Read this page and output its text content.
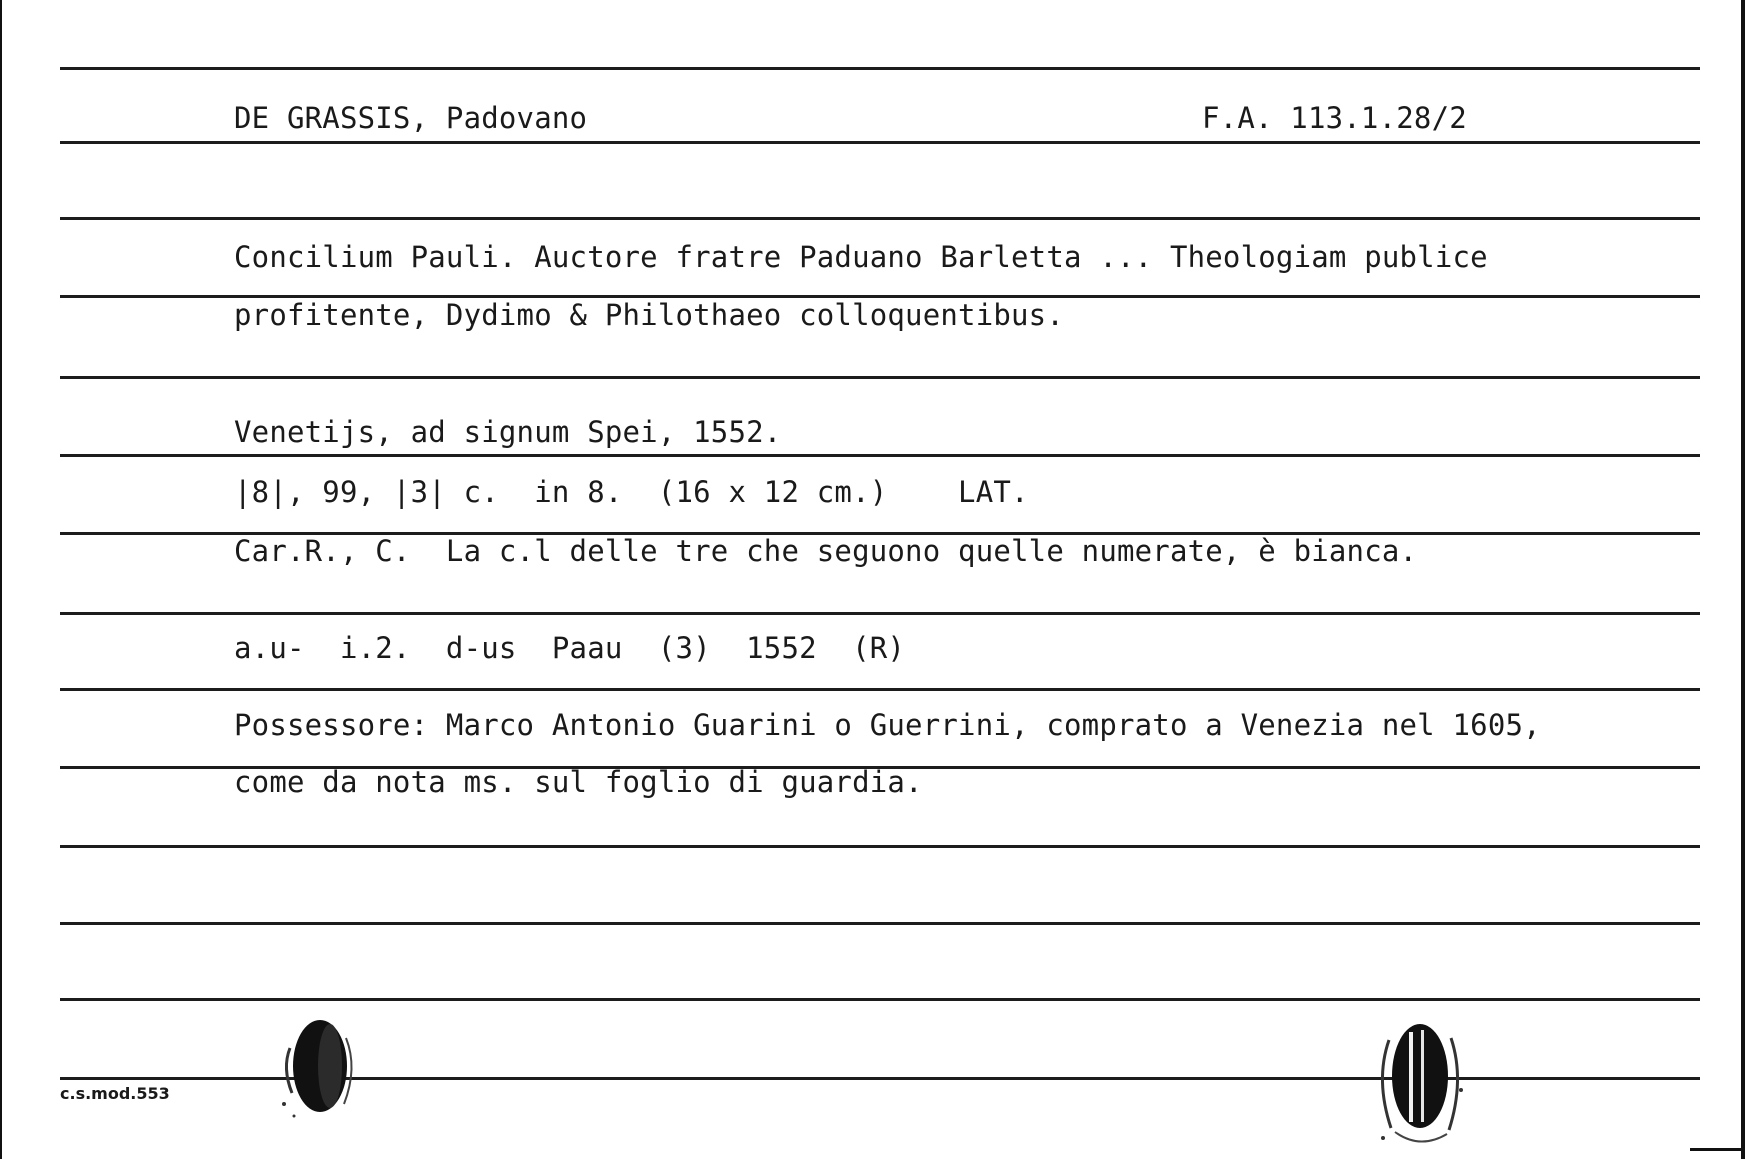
DE GRASSIS, Padovano	F.A. 113.1.28/2
Concilium Pauli. Auctore fratre Paduano Barletta ... Theologiam publice
profitente, Dydimo & Philothaeo colloquentibus.
Venetijs, ad signum Spei, 1552.
|8|, 99, |3| c.  in 8.  (16 x 12 cm.)    LAT.
Car.R., C.  La c.l delle tre che seguono quelle numerate, è bianca.
a.u-  i.2.  d-us  Paau  (3)  1552  (R)
Possessore: Marco Antonio Guarini o Guerrini, comprato a Venezia nel 1605,
come da nota ms. sul foglio di guardia.
c.s.mod.553
